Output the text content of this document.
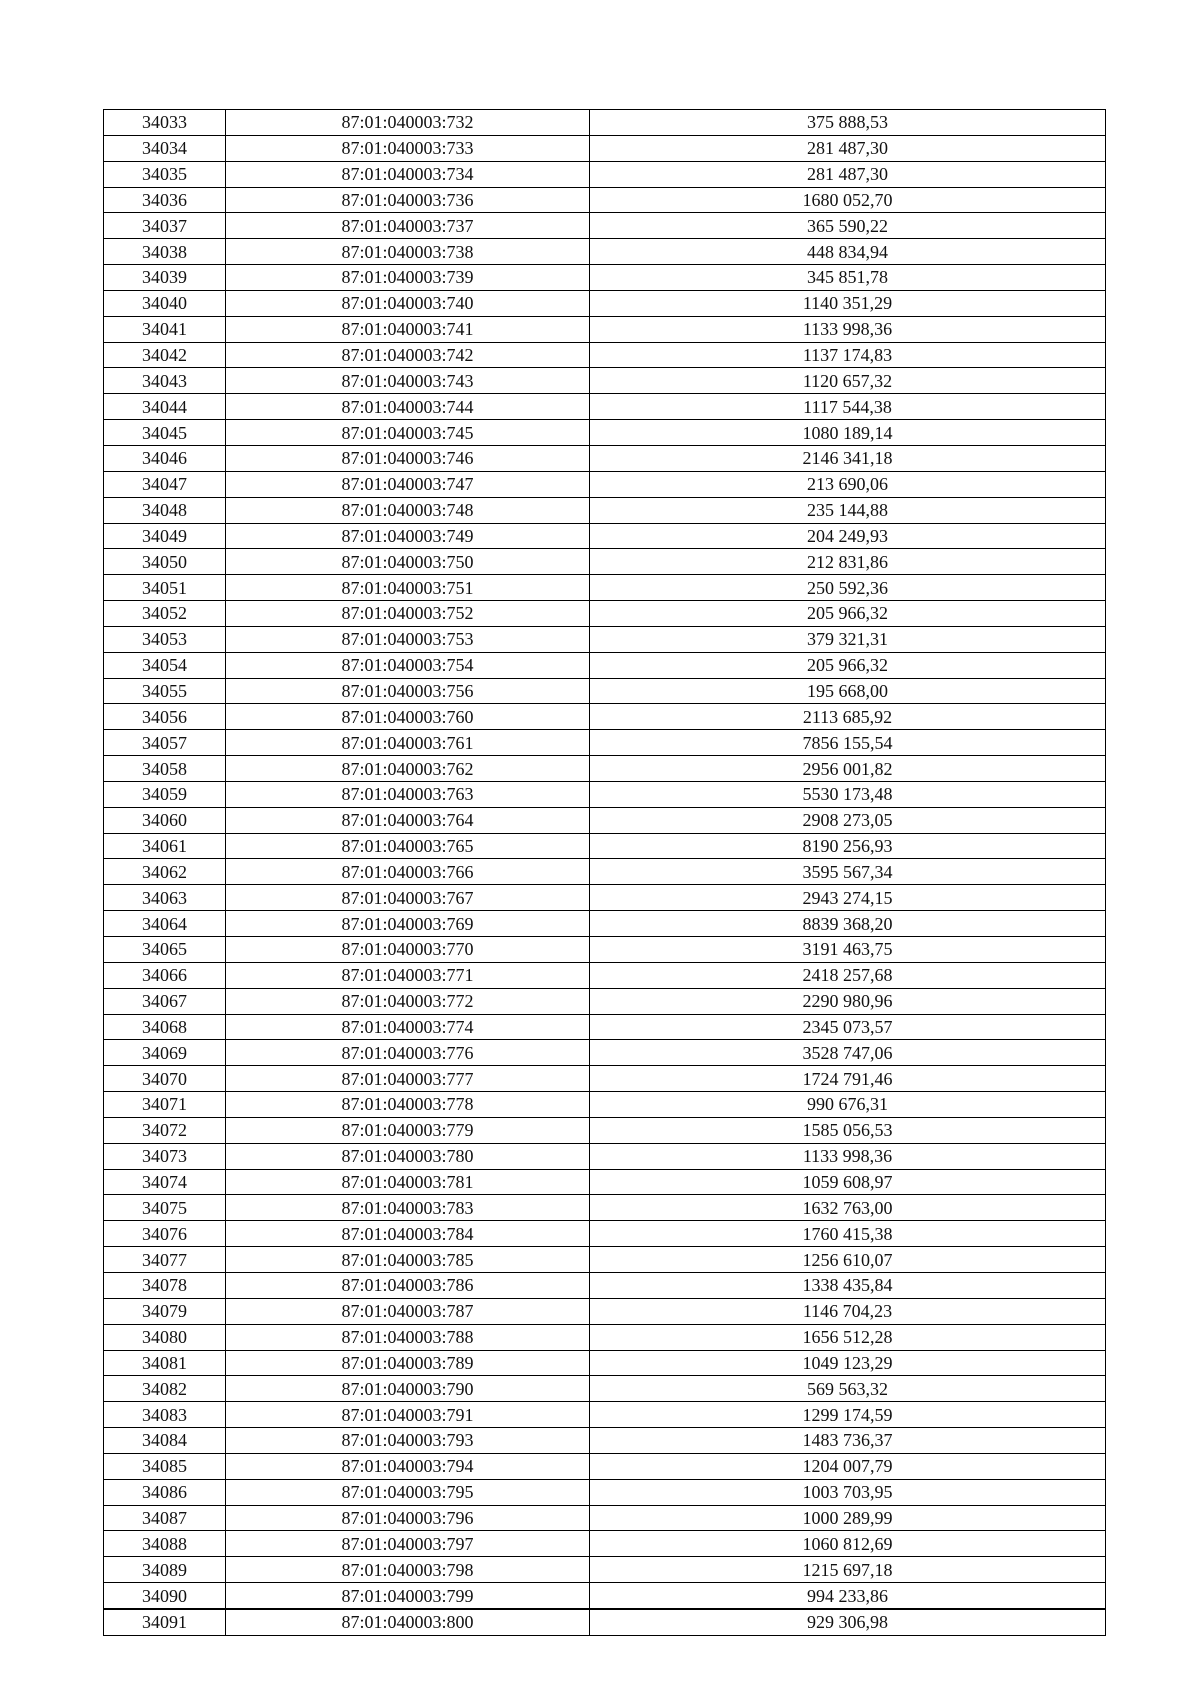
34033	87:01:040003:732	375 888,53
34034	87:01:040003:733	281 487,30
34035	87:01:040003:734	281 487,30
34036	87:01:040003:736	1680 052,70
34037	87:01:040003:737	365 590,22
34038	87:01:040003:738	448 834,94
34039	87:01:040003:739	345 851,78
34040	87:01:040003:740	1140 351,29
34041	87:01:040003:741	1133 998,36
34042	87:01:040003:742	1137 174,83
34043	87:01:040003:743	1120 657,32
34044	87:01:040003:744	1117 544,38
34045	87:01:040003:745	1080 189,14
34046	87:01:040003:746	2146 341,18
34047	87:01:040003:747	213 690,06
34048	87:01:040003:748	235 144,88
34049	87:01:040003:749	204 249,93
34050	87:01:040003:750	212 831,86
34051	87:01:040003:751	250 592,36
34052	87:01:040003:752	205 966,32
34053	87:01:040003:753	379 321,31
34054	87:01:040003:754	205 966,32
34055	87:01:040003:756	195 668,00
34056	87:01:040003:760	2113 685,92
34057	87:01:040003:761	7856 155,54
34058	87:01:040003:762	2956 001,82
34059	87:01:040003:763	5530 173,48
34060	87:01:040003:764	2908 273,05
34061	87:01:040003:765	8190 256,93
34062	87:01:040003:766	3595 567,34
34063	87:01:040003:767	2943 274,15
34064	87:01:040003:769	8839 368,20
34065	87:01:040003:770	3191 463,75
34066	87:01:040003:771	2418 257,68
34067	87:01:040003:772	2290 980,96
34068	87:01:040003:774	2345 073,57
34069	87:01:040003:776	3528 747,06
34070	87:01:040003:777	1724 791,46
34071	87:01:040003:778	990 676,31
34072	87:01:040003:779	1585 056,53
34073	87:01:040003:780	1133 998,36
34074	87:01:040003:781	1059 608,97
34075	87:01:040003:783	1632 763,00
34076	87:01:040003:784	1760 415,38
34077	87:01:040003:785	1256 610,07
34078	87:01:040003:786	1338 435,84
34079	87:01:040003:787	1146 704,23
34080	87:01:040003:788	1656 512,28
34081	87:01:040003:789	1049 123,29
34082	87:01:040003:790	569 563,32
34083	87:01:040003:791	1299 174,59
34084	87:01:040003:793	1483 736,37
34085	87:01:040003:794	1204 007,79
34086	87:01:040003:795	1003 703,95
34087	87:01:040003:796	1000 289,99
34088	87:01:040003:797	1060 812,69
34089	87:01:040003:798	1215 697,18
34090	87:01:040003:799	994 233,86
34091	87:01:040003:800	929 306,98
